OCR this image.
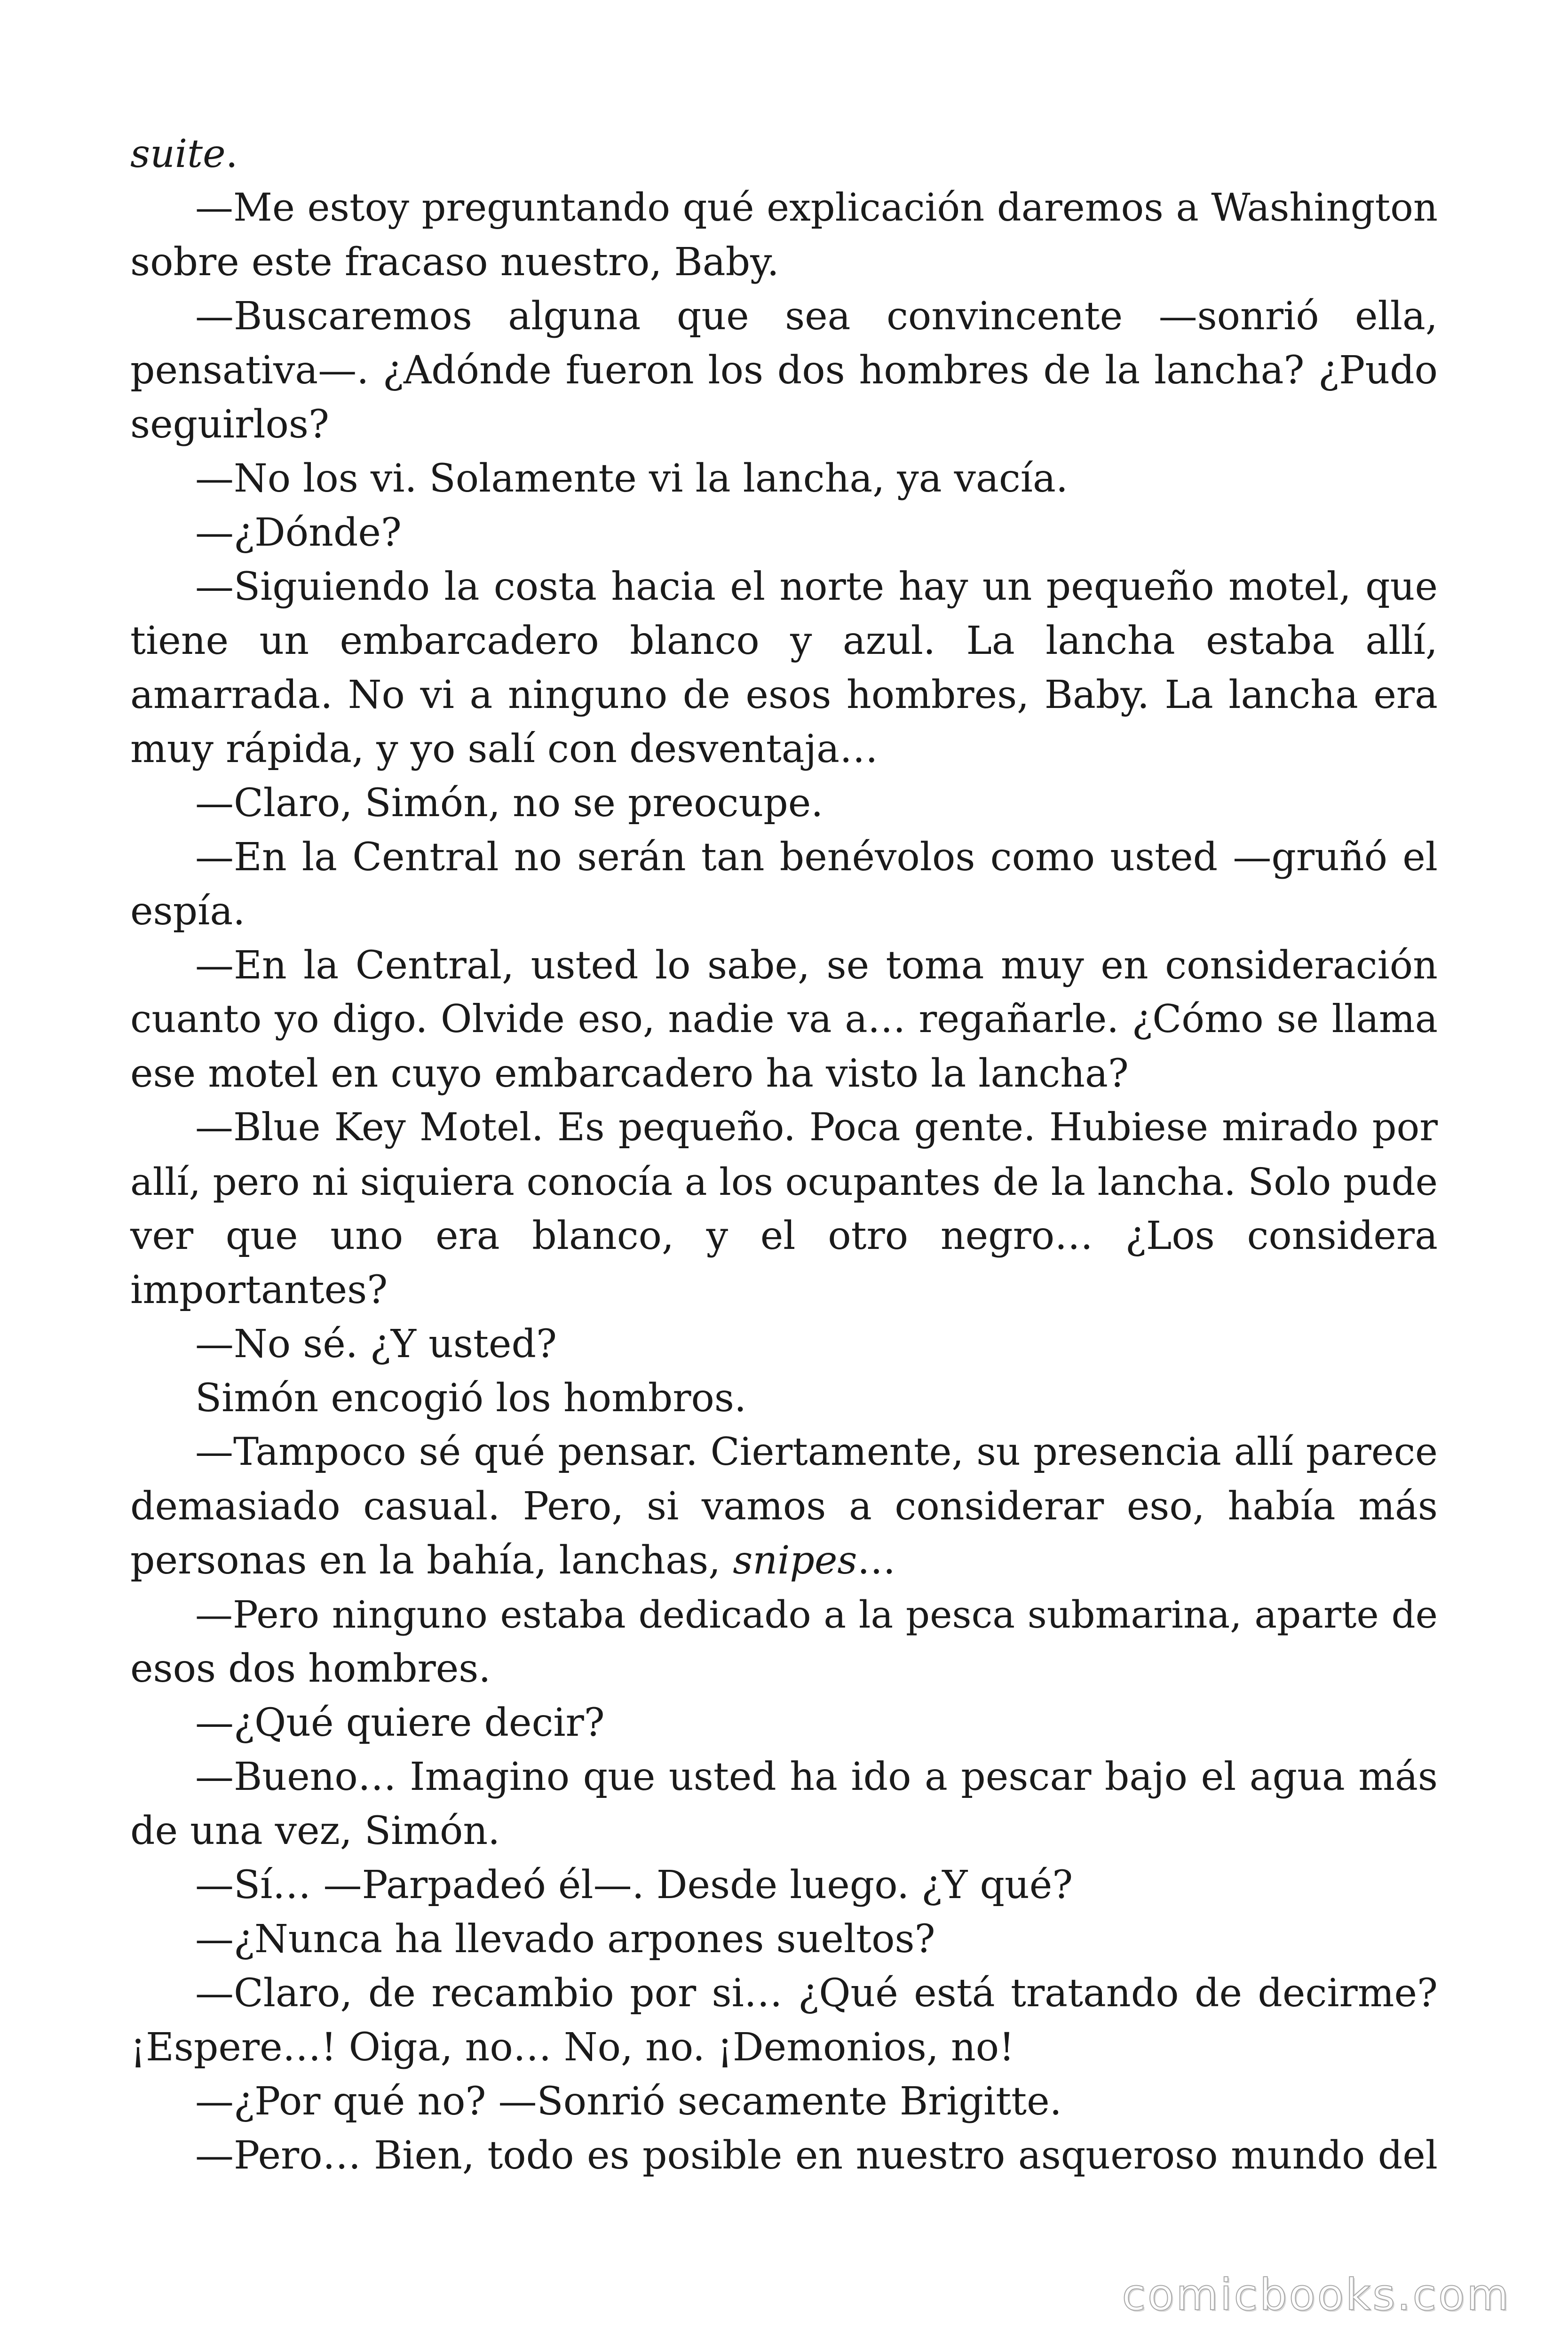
suite.
—Me estoy preguntando qué explicación daremos a Washington
sobre este fracaso nuestro, Baby.
—Buscaremos alguna que sea convincente —sonrió ella,
pensativa—. ¿Adónde fueron los dos hombres de la lancha? ¿Pudo
seguirlos?
—No los vi. Solamente vi la lancha, ya vacía.
—¿Dónde?
—Siguiendo la costa hacia el norte hay un pequeño motel, que
tiene un embarcadero blanco y azul. La lancha estaba allí,
amarrada. No vi a ninguno de esos hombres, Baby. La lancha era
muy rápida, y yo salí con desventaja…
—Claro, Simón, no se preocupe.
—En la Central no serán tan benévolos como usted —gruñó el
espía.
—En la Central, usted lo sabe, se toma muy en consideración
cuanto yo digo. Olvide eso, nadie va a… regañarle. ¿Cómo se llama
ese motel en cuyo embarcadero ha visto la lancha?
—Blue Key Motel. Es pequeño. Poca gente. Hubiese mirado por
allí, pero ni siquiera conocía a los ocupantes de la lancha. Solo pude
ver que uno era blanco, y el otro negro… ¿Los considera
importantes?
—No sé. ¿Y usted?
Simón encogió los hombros.
—Tampoco sé qué pensar. Ciertamente, su presencia allí parece
demasiado casual. Pero, si vamos a considerar eso, había más
personas en la bahía, lanchas, snipes…
—Pero ninguno estaba dedicado a la pesca submarina, aparte de
esos dos hombres.
—¿Qué quiere decir?
—Bueno… Imagino que usted ha ido a pescar bajo el agua más
de una vez, Simón.
—Sí… —Parpadeó él—. Desde luego. ¿Y qué?
—¿Nunca ha llevado arpones sueltos?
—Claro, de recambio por si… ¿Qué está tratando de decirme?
¡Espere…! Oiga, no… No, no. ¡Demonios, no!
—¿Por qué no? —Sonrió secamente Brigitte.
—Pero… Bien, todo es posible en nuestro asqueroso mundo del
comicbooks.com
